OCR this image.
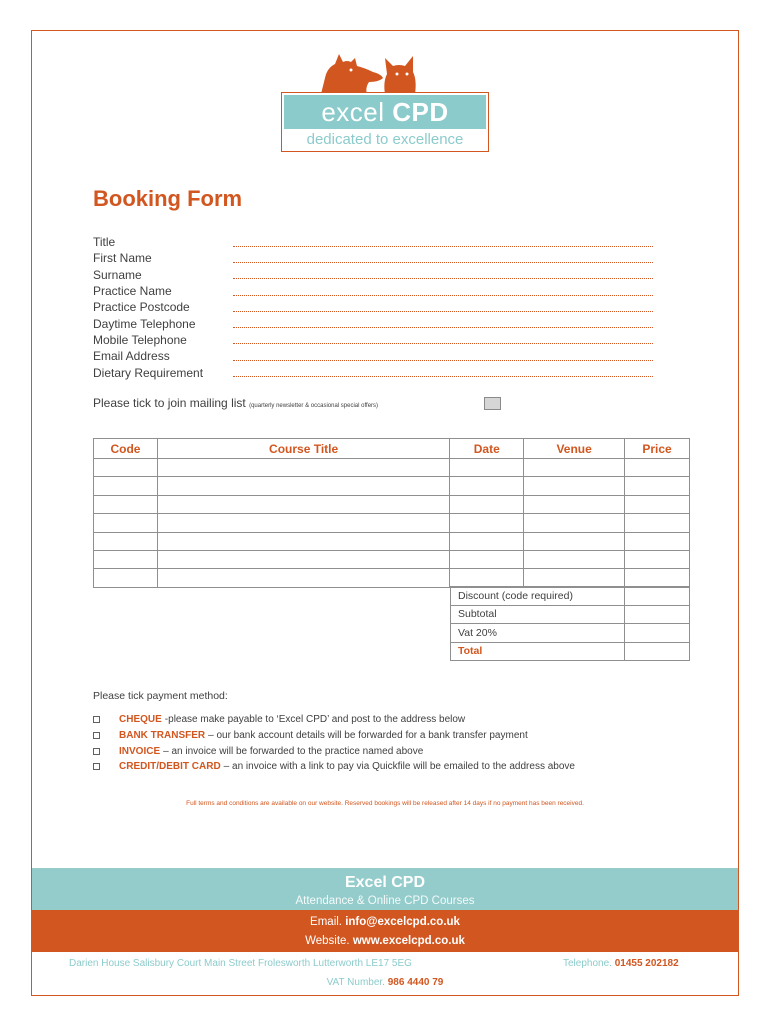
excel CPD
dedicated to excellence
Booking Form
Title
First Name
Surname
Practice Name
Practice Postcode
Daytime Telephone
Mobile Telephone
Email Address
Dietary Requirement
Please tick to join mailing list (quarterly newsletter & occasional special offers)
Code	Course Title	Date	Venue	Price

Discount (code required)	
Subtotal	
Vat 20%	
Total	
Please tick payment method:
CHEQUE -please make payable to ‘Excel CPD’ and post to the address below
BANK TRANSFER – our bank account details will be forwarded for a bank transfer payment
INVOICE – an invoice will be forwarded to the practice named above
CREDIT/DEBIT CARD – an invoice with a link to pay via Quickfile will be emailed to the address above
Full terms and conditions are available on our website. Reserved bookings will be released after 14 days if no payment has been received.
Excel CPD
Attendance & Online CPD Courses
Email. info@excelcpd.co.uk
Website. www.excelcpd.co.uk
Darien House Salisbury Court Main Street Frolesworth Lutterworth LE17 5EG	Telephone. 01455 202182
VAT Number. 986 4440 79
